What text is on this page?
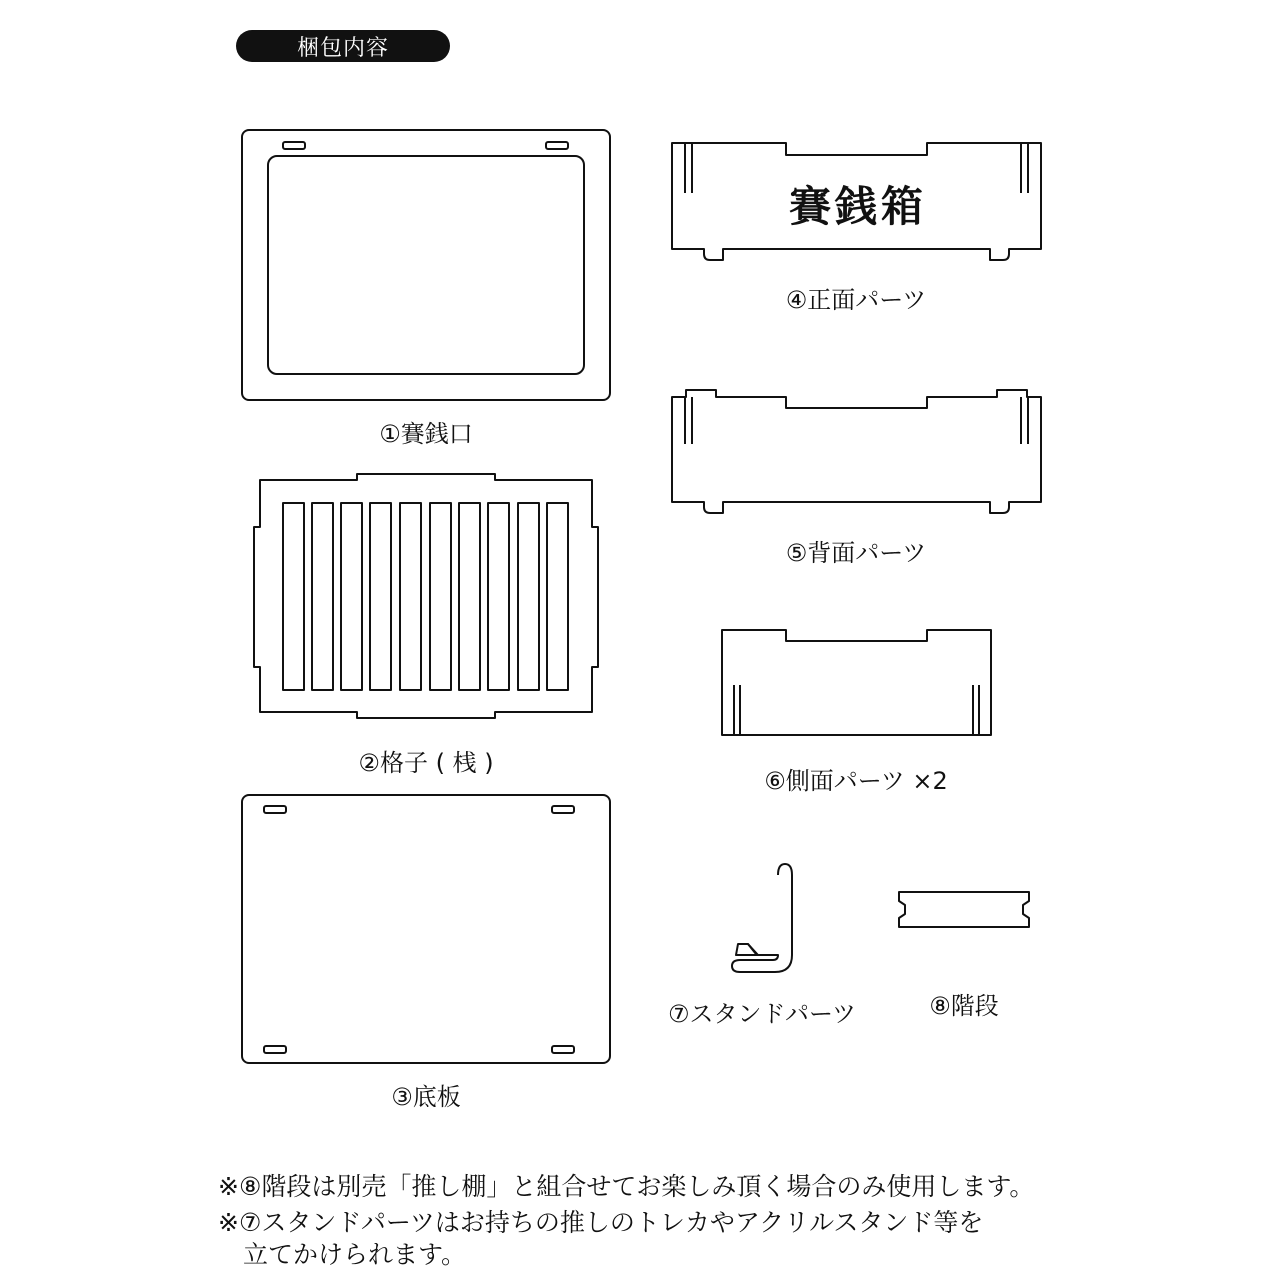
梱包内容
賽銭箱
①賽銭口
②格子 ( 桟 )
③底板
④正面パーツ
⑤背面パーツ
⑥側面パーツ ×2
⑦スタンドパーツ	⑧階段
※⑧階段は別売「推し棚」と組合せてお楽しみ頂く場合のみ使用します。
※⑦スタンドパーツはお持ちの推しのトレカやアクリルスタンド等を
立てかけられます。
